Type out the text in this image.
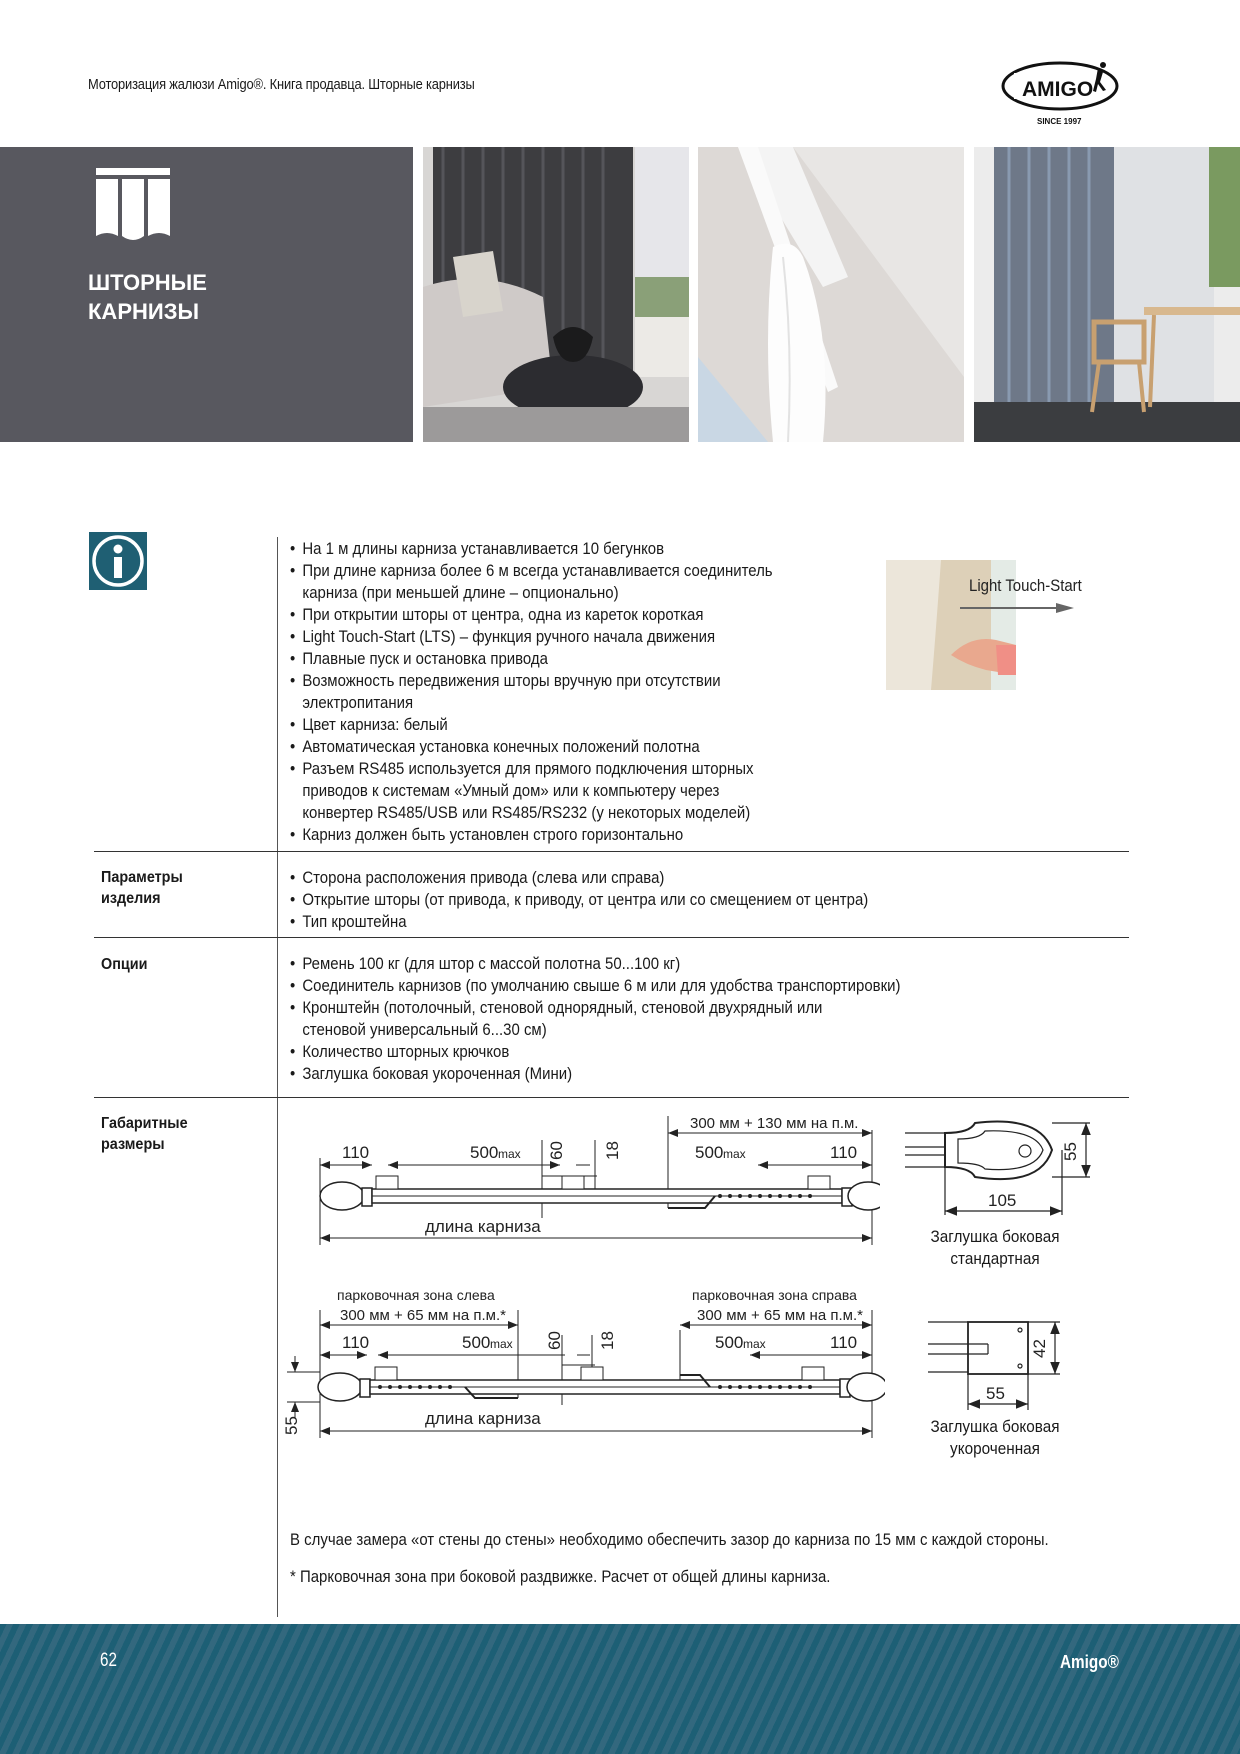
Моторизация жалюзи Amigo®. Книга продавца. Шторные карнизы	AMIGO
SINCE 1997
ШТОРНЫЕ
КАРНИЗЫ
• На 1 м длины карниза устанавливается 10 бегунков
• При длине карниза более 6 м всегда устанавливается соединитель
карниза (при меньшей длине – опционально)
• При открытии шторы от центра, одна из кареток короткая
• Light Touch-Start (LTS) – функция ручного начала движения
• Плавные пуск и остановка привода
• Возможность передвижения шторы вручную при отсутствии
электропитания
• Цвет карниза: белый
• Автоматическая установка конечных положений полотна
• Разъем RS485 используется для прямого подключения шторных
приводов к системам «Умный дом» или к компьютеру через
конвертер RS485/USB или RS485/RS232 (у некоторых моделей)
• Карниз должен быть установлен строго горизонтально
Light Touch-Start
Параметры
изделия
• Сторона расположения привода (слева или справа)
• Открытие шторы (от привода, к приводу, от центра или со смещением от центра)
• Тип кроштейна
Опции	• Ремень 100 кг (для штор с массой полотна 50...100 кг)
• Соединитель карнизов (по умолчанию свыше 6 м или для удобства транспортировки)
• Кронштейн (потолочный, стеновой однорядный, стеновой двухрядный или
стеновой универсальный 6...30 см)
• Количество шторных крючков
• Заглушка боковая укороченная (Мини)
Габаритные
размеры
300 мм + 130 мм на п.м.
110	500 max	500 max	110
60 18
длина карниза
105
55
Заглушка боковая
стандартная
парковочная зона слева	парковочная зона справа
300 мм + 65 мм на п.м.*	300 мм + 65 мм на п.м.*
110	500 max	500 max	110
60 18
55	длина карниза
55
42
Заглушка боковая
укороченная
В случае замера «от стены до стены» необходимо обеспечить зазор до карниза по 15 мм с каждой стороны.
* Парковочная зона при боковой раздвижке. Расчет от общей длины карниза.
62	Amigo®
